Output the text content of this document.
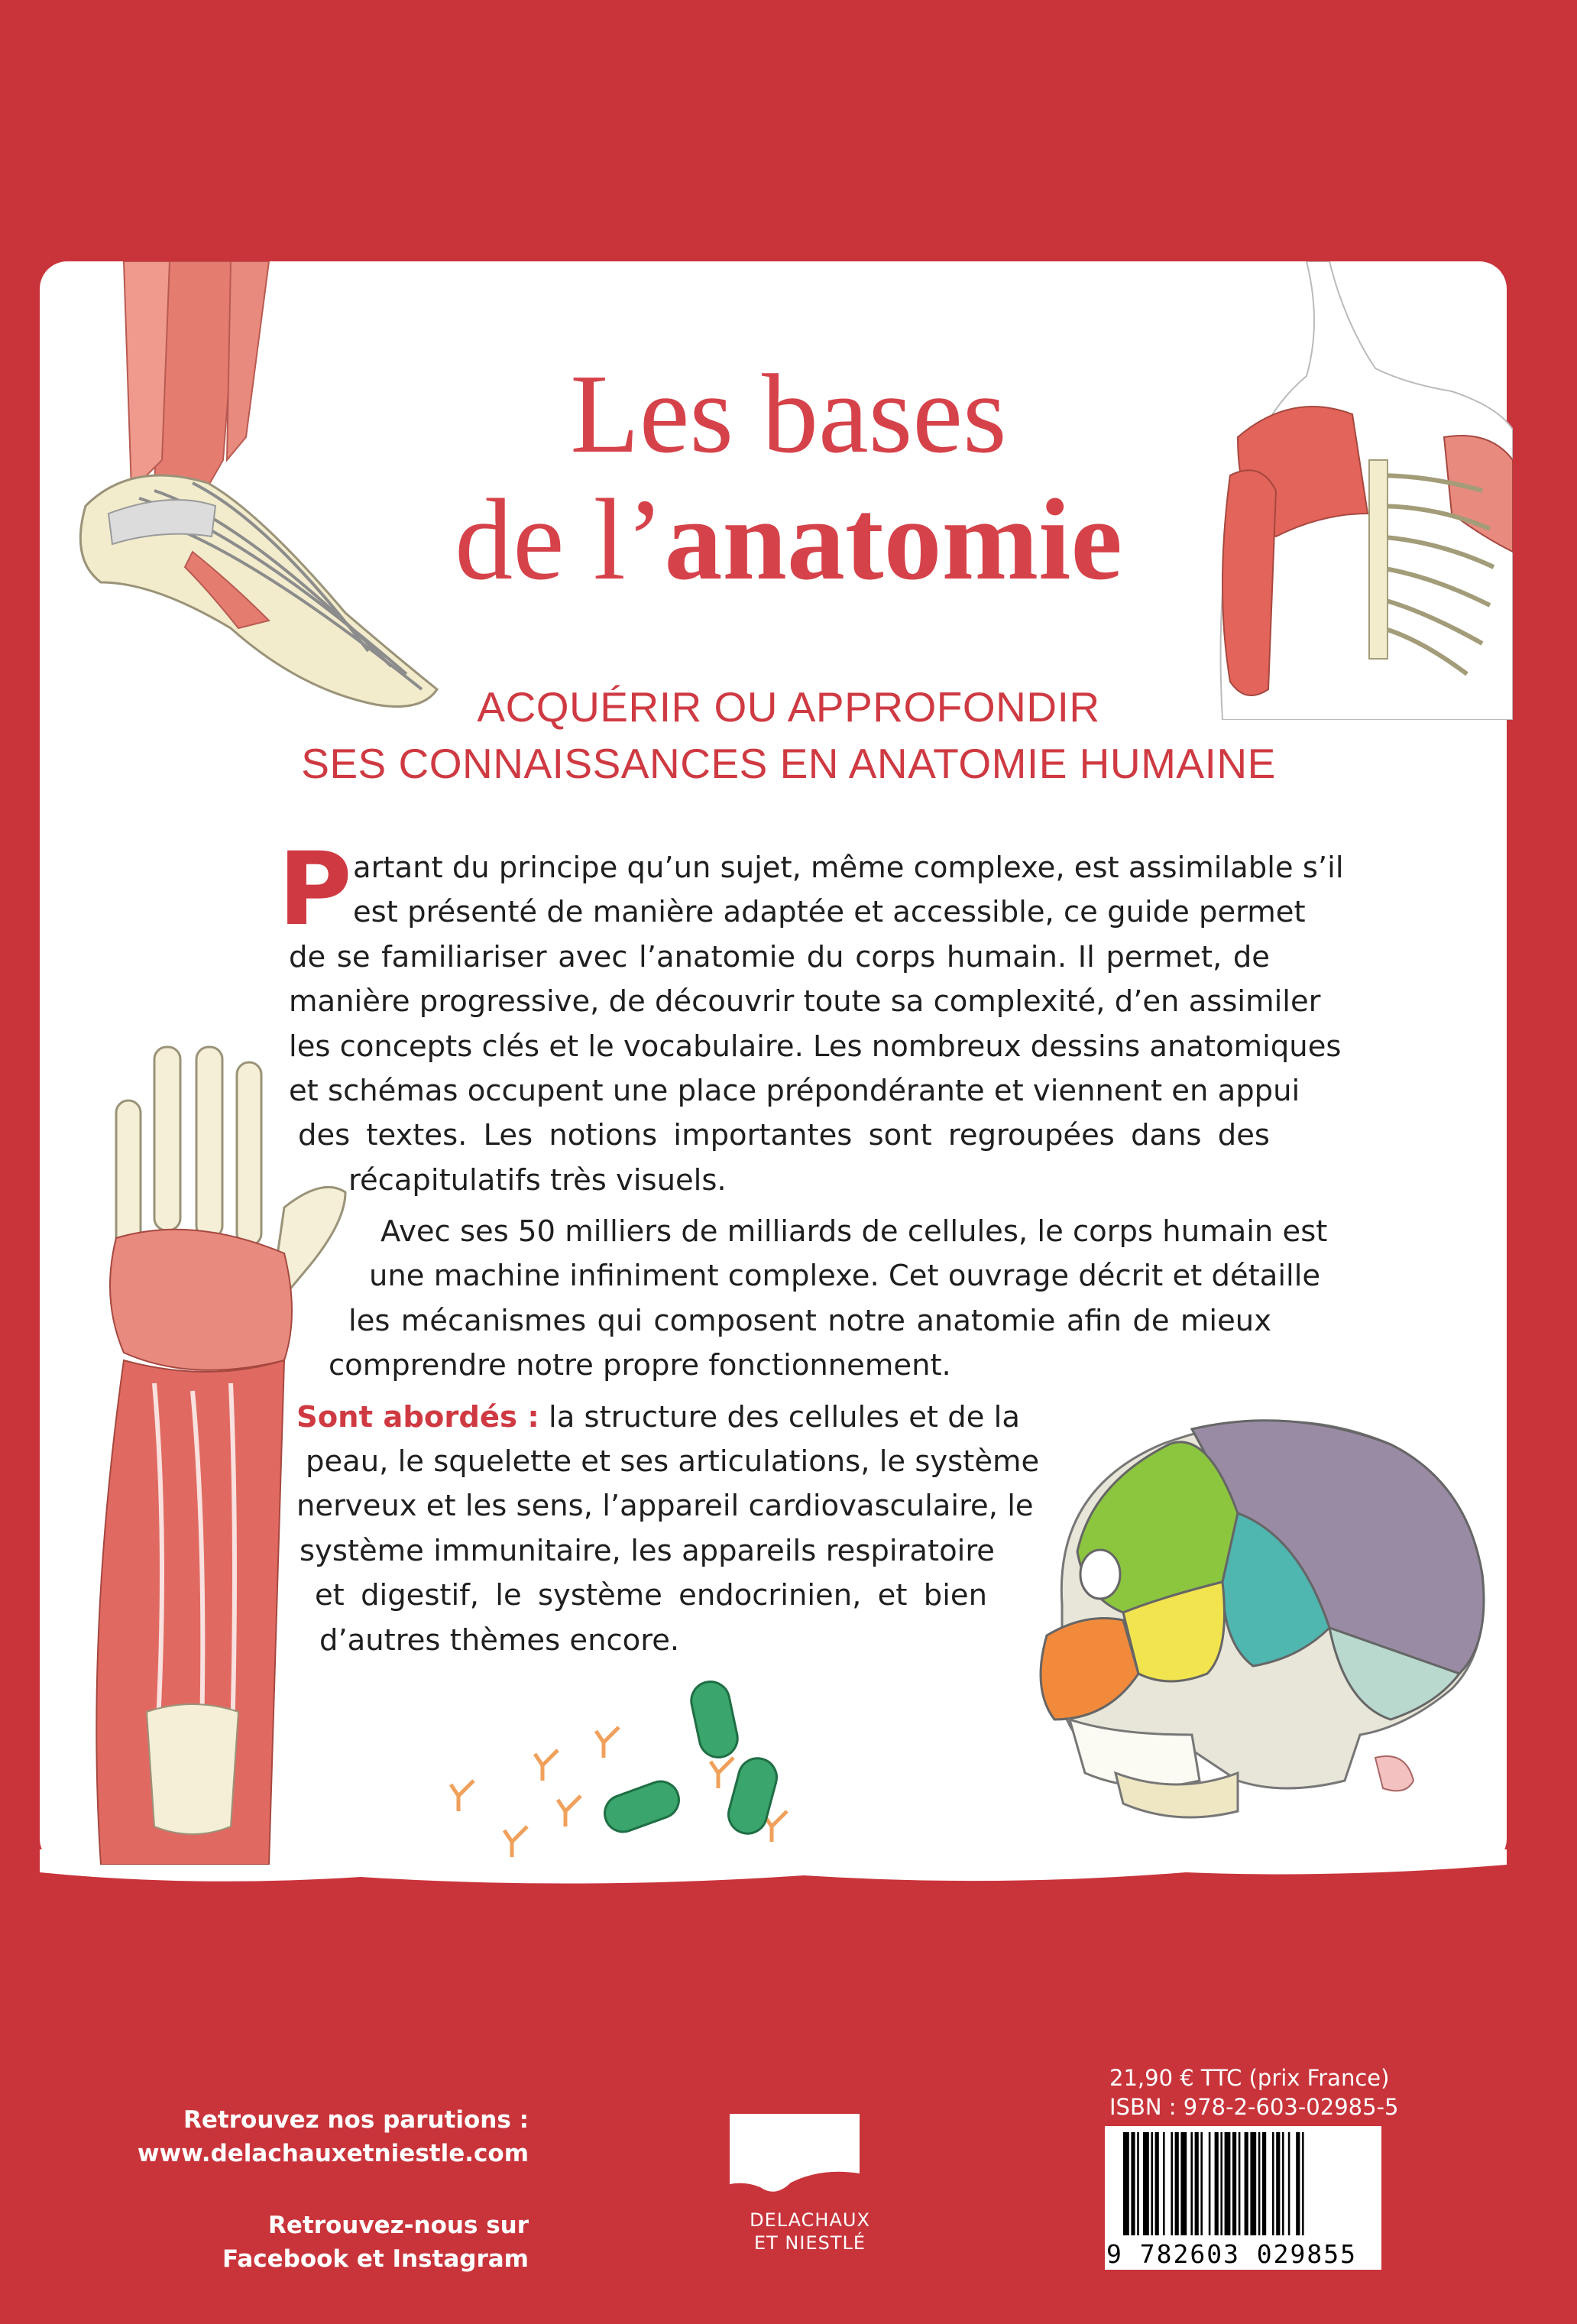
Les bases
de l’anatomie
ACQUÉRIR OU APPROFONDIR
SES CONNAISSANCES EN ANATOMIE HUMAINE
P artant du principe qu’un sujet, même complexe, est assimilable s’il
est présenté de manière adaptée et accessible, ce guide permet
de se familiariser avec l’anatomie du corps humain. Il permet, de
manière progressive, de découvrir toute sa complexité, d’en assimiler
les concepts clés et le vocabulaire. Les nombreux dessins anatomiques
et schémas occupent une place prépondérante et viennent en appui
des textes. Les notions importantes sont regroupées dans des
récapitulatifs très visuels.
Avec ses 50 milliers de milliards de cellules, le corps humain est
une machine infiniment complexe. Cet ouvrage décrit et détaille
les mécanismes qui composent notre anatomie afin de mieux
comprendre notre propre fonctionnement.
Sont abordés : la structure des cellules et de la
peau, le squelette et ses articulations, le système
nerveux et les sens, l’appareil cardiovasculaire, le
système immunitaire, les appareils respiratoire
et digestif, le système endocrinien, et bien
d’autres thèmes encore.
Retrouvez nos parutions :
www.delachauxetniestle.com
Retrouvez-nous sur
Facebook et Instagram
DELACHAUX
ET NIESTLÉ
21,90 € TTC (prix France)
ISBN : 978-2-603-02985-5
9 782603 029855
